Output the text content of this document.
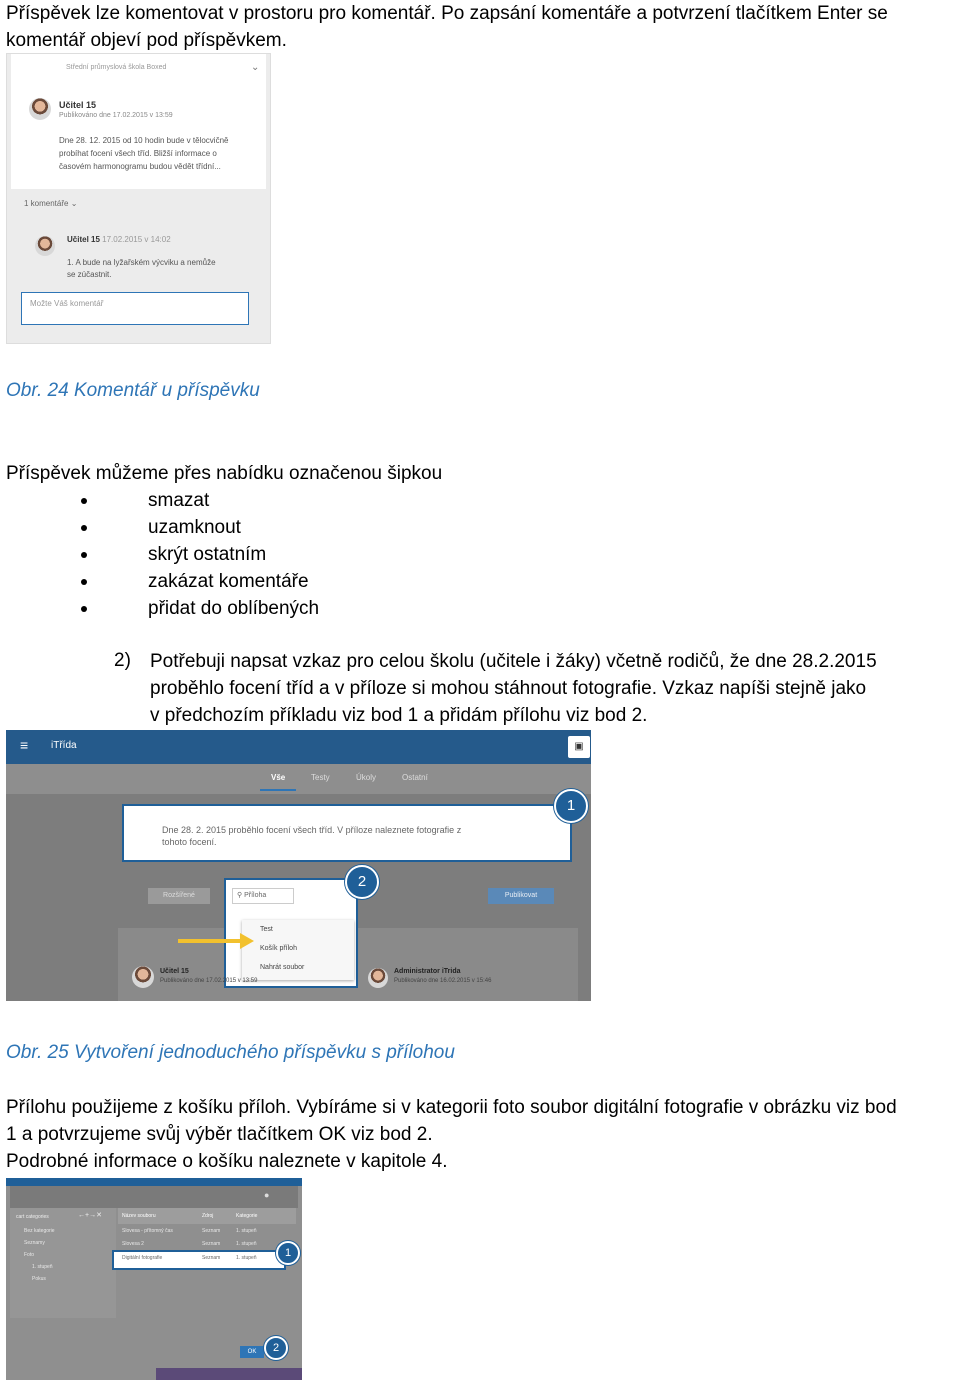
Příspěvek lze komentovat v prostoru pro komentář. Po zapsání komentáře a potvrzení tlačítkem Enter se

komentář objeví pod příspěvkem.

Střední průmyslová škola Boxed	⌄
Učitel 15
Publikováno dne 17.02.2015 v 13:59
Dne 28. 12. 2015 od 10 hodin bude v tělocvičně
probíhat focení všech tříd. Bližší informace o
časovém harmonogramu budou vědět třídní...
1 komentáře ⌄
Učitel 15 17.02.2015 v 14:02
1. A bude na lyžařském výcviku a nemůže
se zúčastnit.
Možte Váš komentář
Obr. 24 Komentář u příspěvku

Příspěvek můžeme přes nabídku označenou šipkou

smazat
uzamknout
skrýt ostatním
zakázat komentáře
přidat do oblíbených
2) Potřebuji napsat vzkaz pro celou školu (učitele i žáky) včetně rodičů, že dne 28.2.2015
proběhlo focení tříd a v příloze si mohou stáhnout fotografie. Vzkaz napíši stejně jako
v předchozím příkladu viz bod 1 a přidám přílohu viz bod 2.
≡ iTřída	▣
Vše	Testy	Úkoly	Ostatní
Dne 28. 2. 2015 proběhlo focení všech tříd. V příloze naleznete fotografie z
tohoto focení.
1
Rozšířené	Publikovat
⚲ Příloha
Test
Košík příloh
Nahrát soubor
2
Učitel 15
Publikováno dne 17.02.2015 v 13:59
Administrator iTrida
Publikováno dne 16.02.2015 v 15:46
Obr. 25 Vytvoření jednoduchého příspěvku s přílohou

Přílohu použijeme z košíku příloh. Vybíráme si v kategorii foto soubor digitální fotografie v obrázku viz bod

1 a potvrzujeme svůj výběr tlačítkem OK viz bod 2.

Podrobné informace o košíku naleznete v kapitole 4.

●
cart categories	←+→✕
Bez kategorie
Seznamy
Foto
1. stupeň
Pokus
Název souboru	Zdroj	Kategorie
Slovesa - přítomný čas	Seznam	1. stupeň
Slovesa 2	Seznam	1. stupeň
Digitální fotografie	Seznam	1. stupeň	1
OK	2
